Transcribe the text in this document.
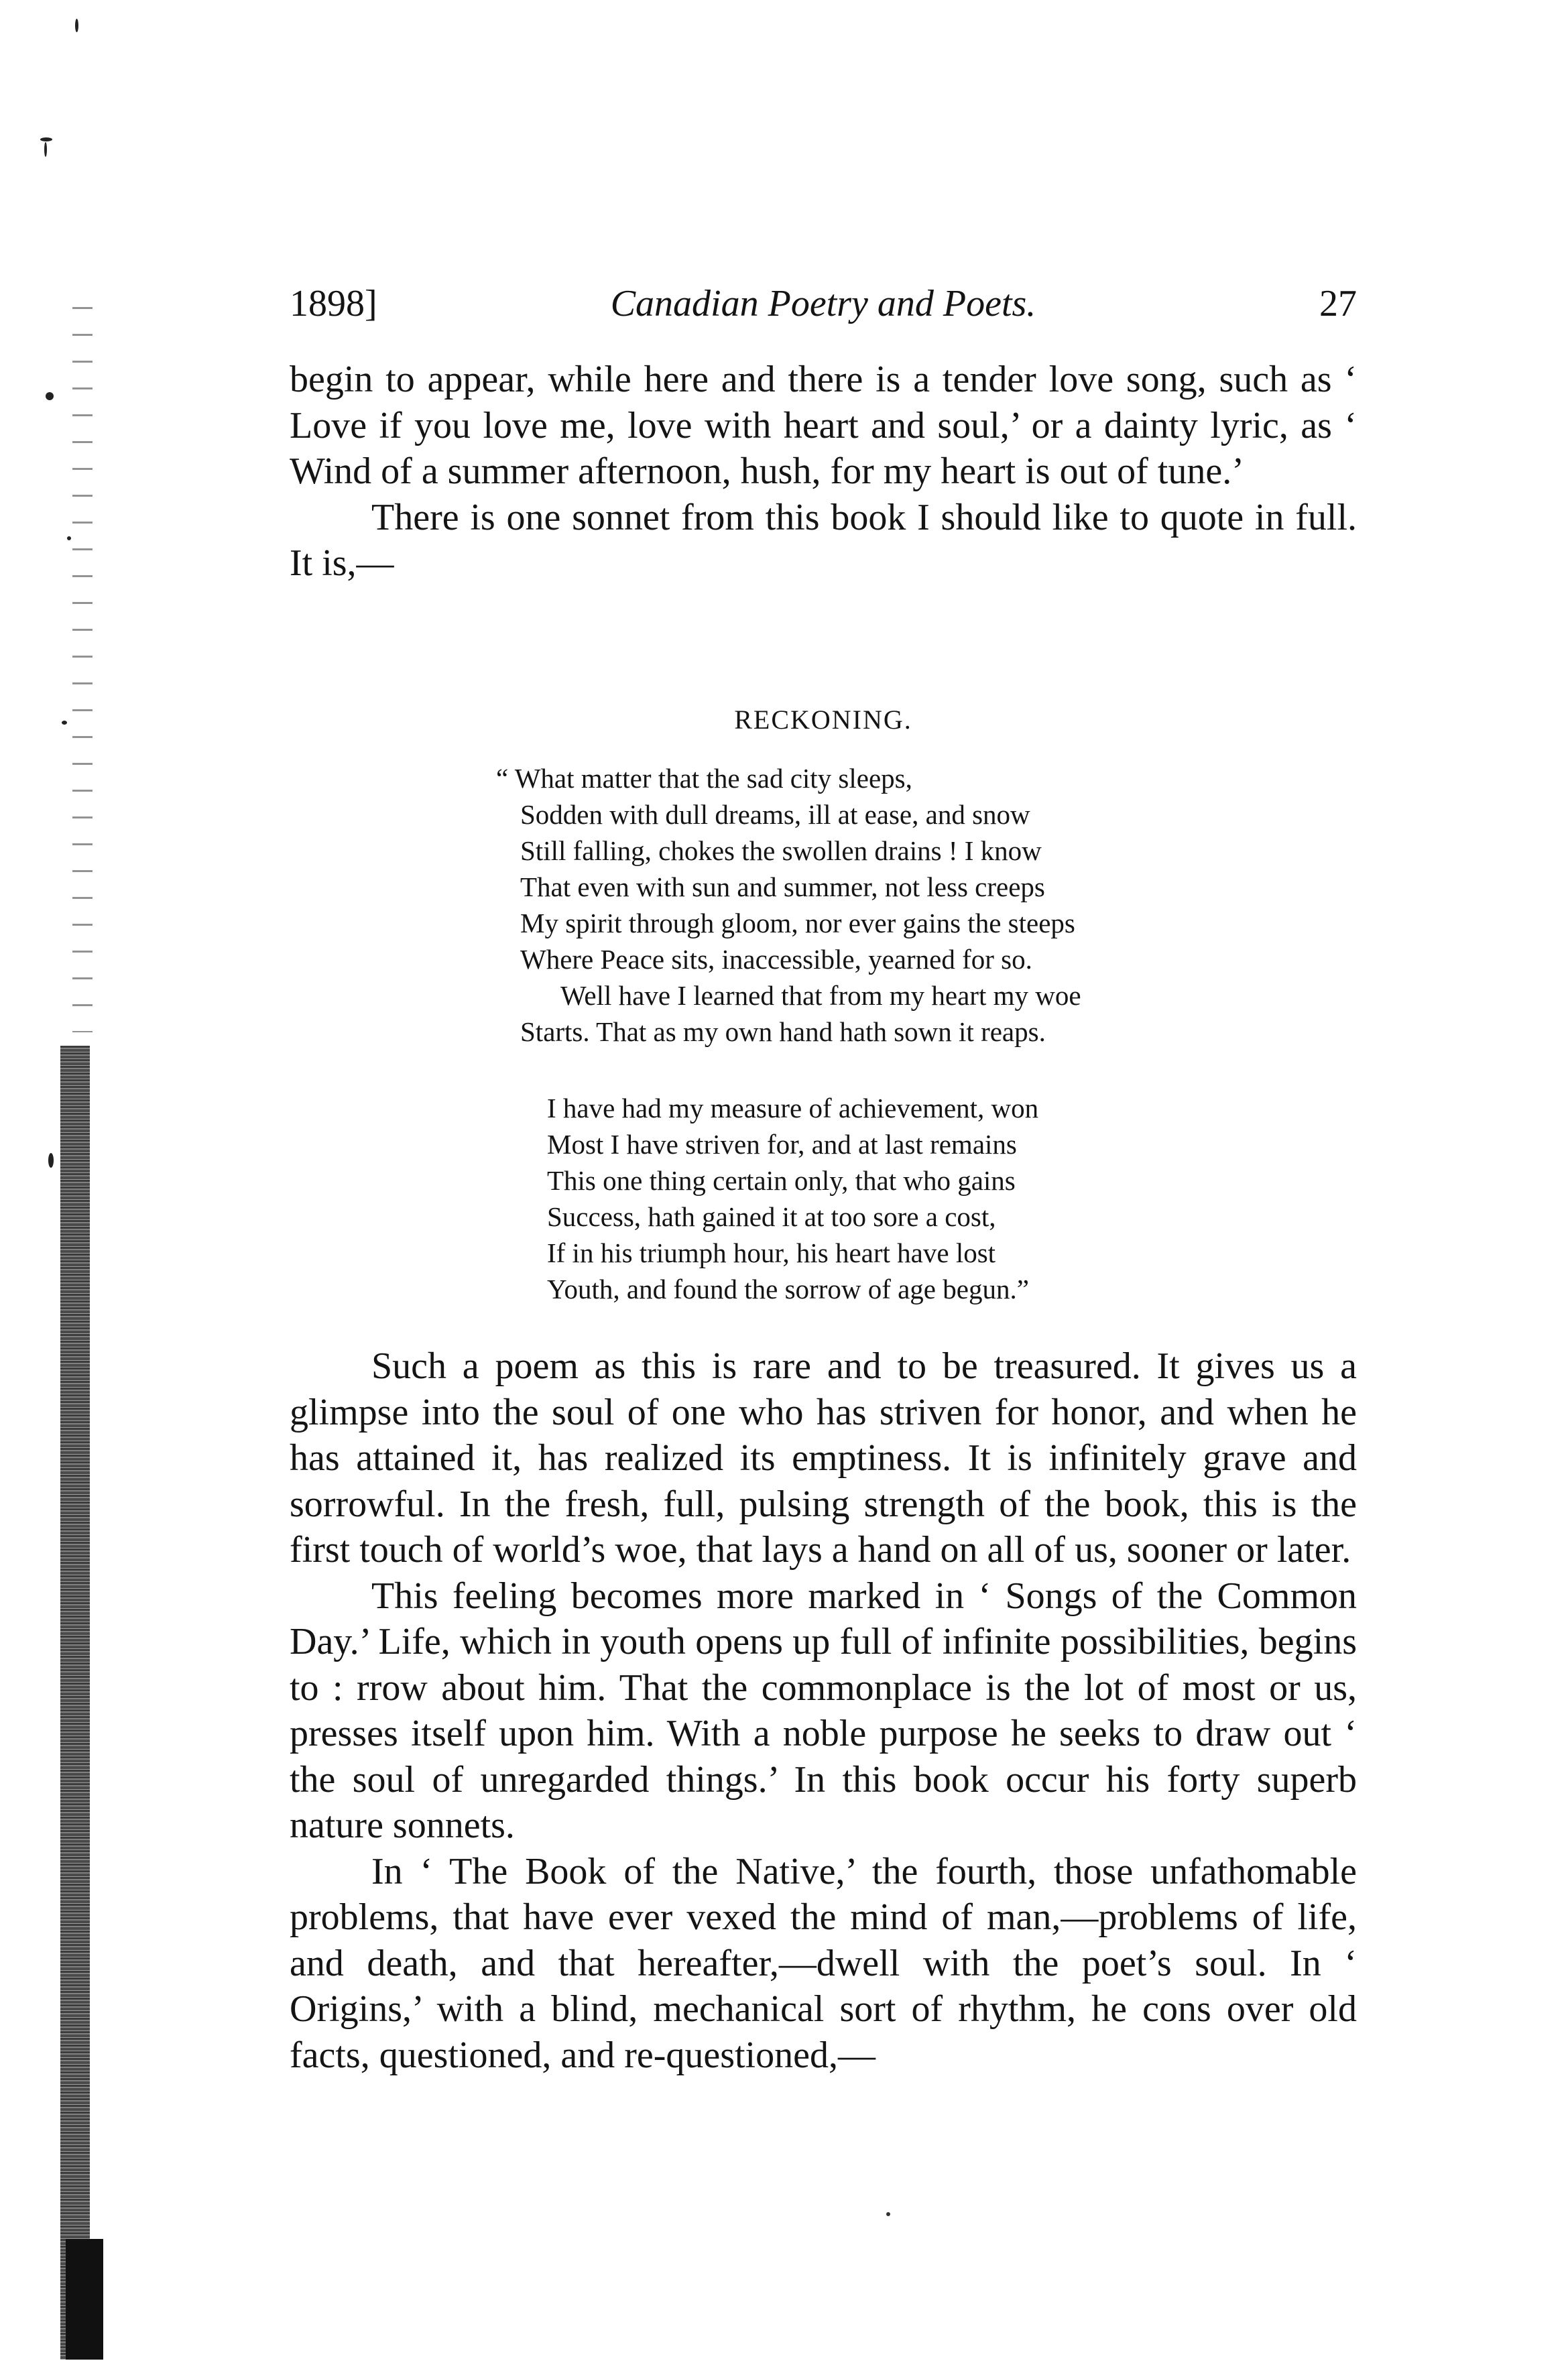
1898]	Canadian Poetry and Poets.	27

begin to appear, while here and there is a tender love song, such as ‘ Love if you love me, love with heart and soul,’ or a dainty lyric, as ‘ Wind of a summer afternoon, hush, for my heart is out of tune.’

There is one sonnet from this book I should like to quote in full. It is,—

RECKONING.
“ What matter that the sad city sleeps,
Sodden with dull dreams, ill at ease, and snow
Still falling, chokes the swollen drains ! I know
That even with sun and summer, not less creeps
My spirit through gloom, nor ever gains the steeps
Where Peace sits, inaccessible, yearned for so.
Well have I learned that from my heart my woe
Starts. That as my own hand hath sown it reaps.
I have had my measure of achievement, won
Most I have striven for, and at last remains
This one thing certain only, that who gains
Success, hath gained it at too sore a cost,
If in his triumph hour, his heart have lost
Youth, and found the sorrow of age begun.”

Such a poem as this is rare and to be treasured. It gives us a glimpse into the soul of one who has striven for honor, and when he has attained it, has realized its emptiness. It is infinitely grave and sorrowful. In the fresh, full, pulsing strength of the book, this is the first touch of world’s woe, that lays a hand on all of us, sooner or later.

This feeling becomes more marked in ‘ Songs of the Common Day.’ Life, which in youth opens up full of infinite possibilities, begins to : rrow about him. That the commonplace is the lot of most or us, presses itself upon him. With a noble purpose he seeks to draw out ‘ the soul of unregarded things.’ In this book occur his forty superb nature sonnets.

In ‘ The Book of the Native,’ the fourth, those unfathomable problems, that have ever vexed the mind of man,—problems of life, and death, and that hereafter,—dwell with the poet’s soul. In ‘ Origins,’ with a blind, mechanical sort of rhythm, he cons over old facts, questioned, and re-questioned,—
